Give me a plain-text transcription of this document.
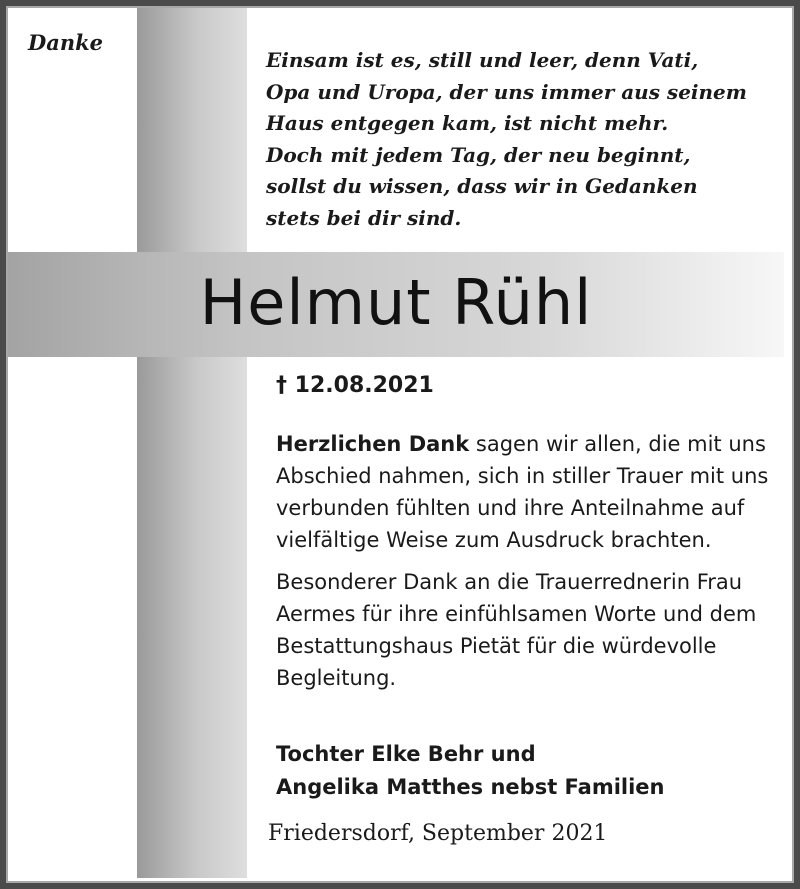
Danke
Einsam ist es, still und leer, denn Vati,
Opa und Uropa, der uns immer aus seinem
Haus entgegen kam, ist nicht mehr.
Doch mit jedem Tag, der neu beginnt,
sollst du wissen, dass wir in Gedanken
stets bei dir sind.
Helmut Rühl
† 12.08.2021

Herzlichen Dank sagen wir allen, die mit uns Abschied nahmen, sich in stiller Trauer mit uns verbunden fühlten und ihre Anteilnahme auf vielfältige Weise zum Ausdruck brachten.

Besonderer Dank an die Trauerrednerin Frau Aermes für ihre einfühlsamen Worte und dem Bestattungshaus Pietät für die würdevolle Begleitung.

Tochter Elke Behr und
Angelika Matthes nebst Familien
Friedersdorf, September 2021
